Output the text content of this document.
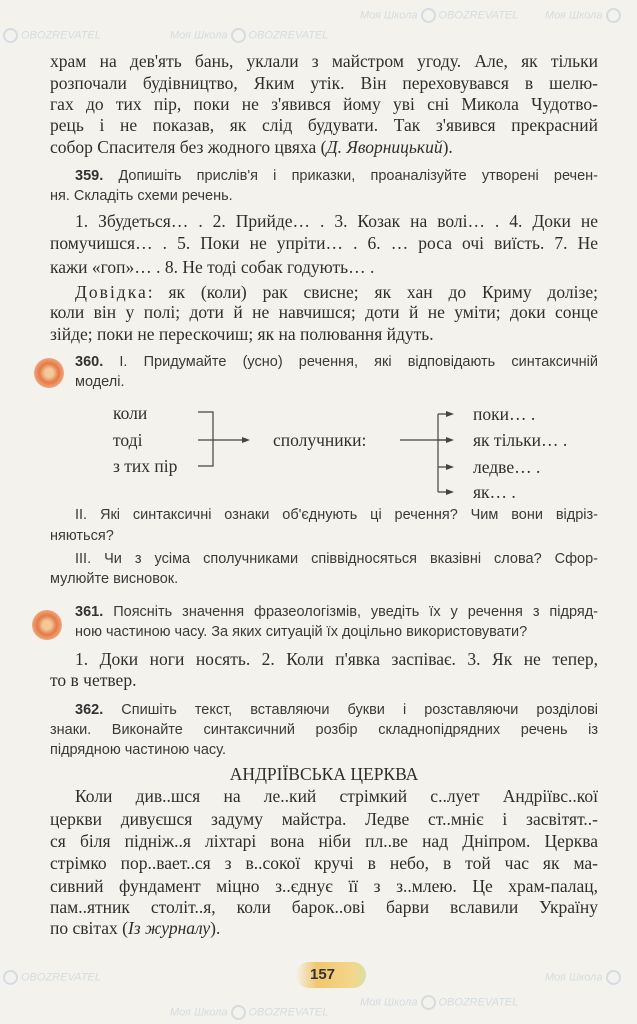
Моя Школа OBOZREVATEL Моя Школа
OBOZREVATEL	Моя Школа OBOZREVATEL
OBOZREVATEL	Моя Школа
Моя Школа OBOZREVATEL
Моя Школа OBOZREVATEL
храм на дев'ять бань, уклали з майстром угоду. Але, як тільки
розпочали будівництво, Яким утік. Він переховувався в шелю-
гах до тих пір, поки не з'явився йому уві сні Микола Чудотво-
рець і не показав, як слід будувати. Так з'явився прекрасний
собор Спасителя без жодного цвяха (Д. Яворницький).
359. Допишіть прислів'я і приказки, проаналізуйте утворені речен-
ня. Складіть схеми речень.
1. Збудеться… . 2. Прийде… . 3. Козак на волі… . 4. Доки не
помучишся… . 5. Поки не упріти… . 6. … роса очі виїсть. 7. Не
кажи «гоп»… . 8. Не тоді собак годують… .
Довідка: як (коли) рак свисне; як хан до Криму долізе;
коли він у полі; доти й не навчишся; доти й не уміти; доки сонце
зійде; поки не перескочиш; як на полювання йдуть.
360. І. Придумайте (усно) речення, які відповідають синтаксичній
моделі.
коли
тоді
з тих пір
сполучники:
поки… .
як тільки… .
ледве… .
як… .
ІІ. Які синтаксичні ознаки об'єднують ці речення? Чим вони відріз-
няються?
ІІІ. Чи з усіма сполучниками співвідносяться вказівні слова? Сфор-
мулюйте висновок.
361. Поясніть значення фразеологізмів, уведіть їх у речення з підряд-
ною частиною часу. За яких ситуацій їх доцільно використовувати?
1. Доки ноги носять. 2. Коли п'явка заспіває. 3. Як не тепер,
то в четвер.
362. Спишіть текст, вставляючи букви і розставляючи розділові
знаки. Виконайте синтаксичний розбір складнопідрядних речень із
підрядною частиною часу.
АНДРІЇВСЬКА ЦЕРКВА
Коли див..шся на ле..кий стрімкий с..лует Андріївс..кої
церкви дивуєшся задуму майстра. Ледве ст..мніє і засвітят..-
ся біля підніж..я ліхтарі вона ніби пл..ве над Дніпром. Церква
стрімко пор..вает..ся з в..сокої кручі в небо, в той час як ма-
сивний фундамент міцно з..єднує її з з..млею. Це храм-палац,
пам..ятник століт..я, коли барок..ові барви вславили Україну
по світах (Із журналу).
157
